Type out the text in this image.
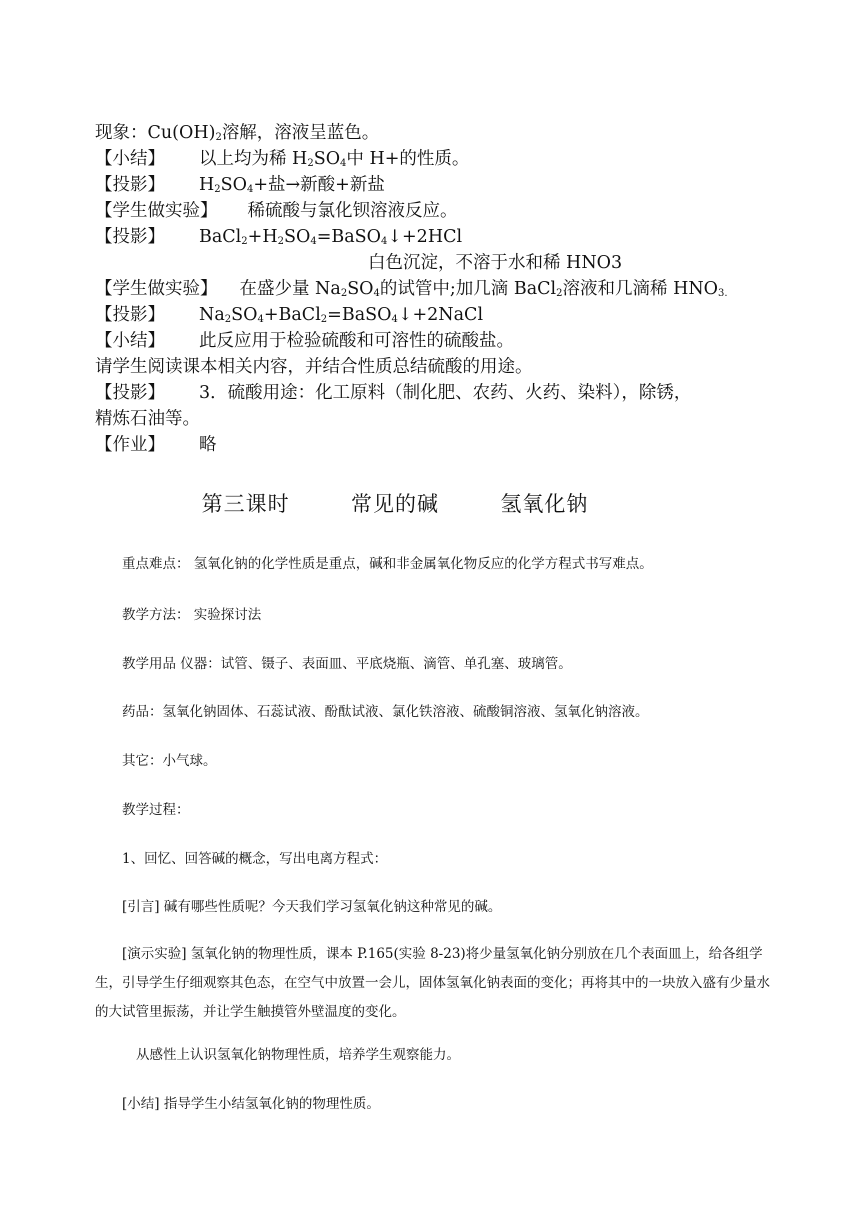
现象：$Cu(OH)_2$溶解，溶液呈蓝色。
【小结】 以上均为稀 $H_2SO_4$中 H+的性质。
【投影】 $H_2SO_4+$盐→新酸+新盐
【学生做实验】 稀硫酸与氯化钡溶液反应。
【投影】 $BaCl_2+H_2SO_4=BaSO_4↓+2HCl$
白色沉淀，不溶于水和稀 HNO3
【学生做实验】 在盛少量 $Na_2SO_4$的试管中;加几滴 BaCl$_2$溶液和几滴稀 $HNO_{3.}$
【投影】 $Na_2SO_4+BaCl_2=BaSO_4↓+2NaCl$
【小结】 此反应用于检验硫酸和可溶性的硫酸盐。
请学生阅读课本相关内容，并结合性质总结硫酸的用途。
【投影】 3．硫酸用途：化工原料（制化肥、农药、火药、染料），除锈，
精炼石油等。
【作业】 略
第三课时	常见的碱	氢氧化钠
重点难点： 氢氧化钠的化学性质是重点，碱和非金属氧化物反应的化学方程式书写难点。
教学方法： 实验探讨法
教学用品 仪器：试管、镊子、表面皿、平底烧瓶、滴管、单孔塞、玻璃管。
药品：氢氧化钠固体、石蕊试液、酚酞试液、氯化铁溶液、硫酸铜溶液、氢氧化钠溶液。
其它：小气球。
教学过程：
1、回忆、回答碱的概念，写出电离方程式：
[引言] 碱有哪些性质呢？今天我们学习氢氧化钠这种常见的碱。
[演示实验] 氢氧化钠的物理性质，课本 P.165(实验 8-23)将少量氢氧化钠分别放在几个表面皿上，给各组学生，引导学生仔细观察其色态，在空气中放置一会儿，固体氢氧化钠表面的变化；再将其中的一块放入盛有少量水的大试管里振荡，并让学生触摸管外壁温度的变化。
从感性上认识氢氧化钠物理性质，培养学生观察能力。
[小结] 指导学生小结氢氧化钠的物理性质。
